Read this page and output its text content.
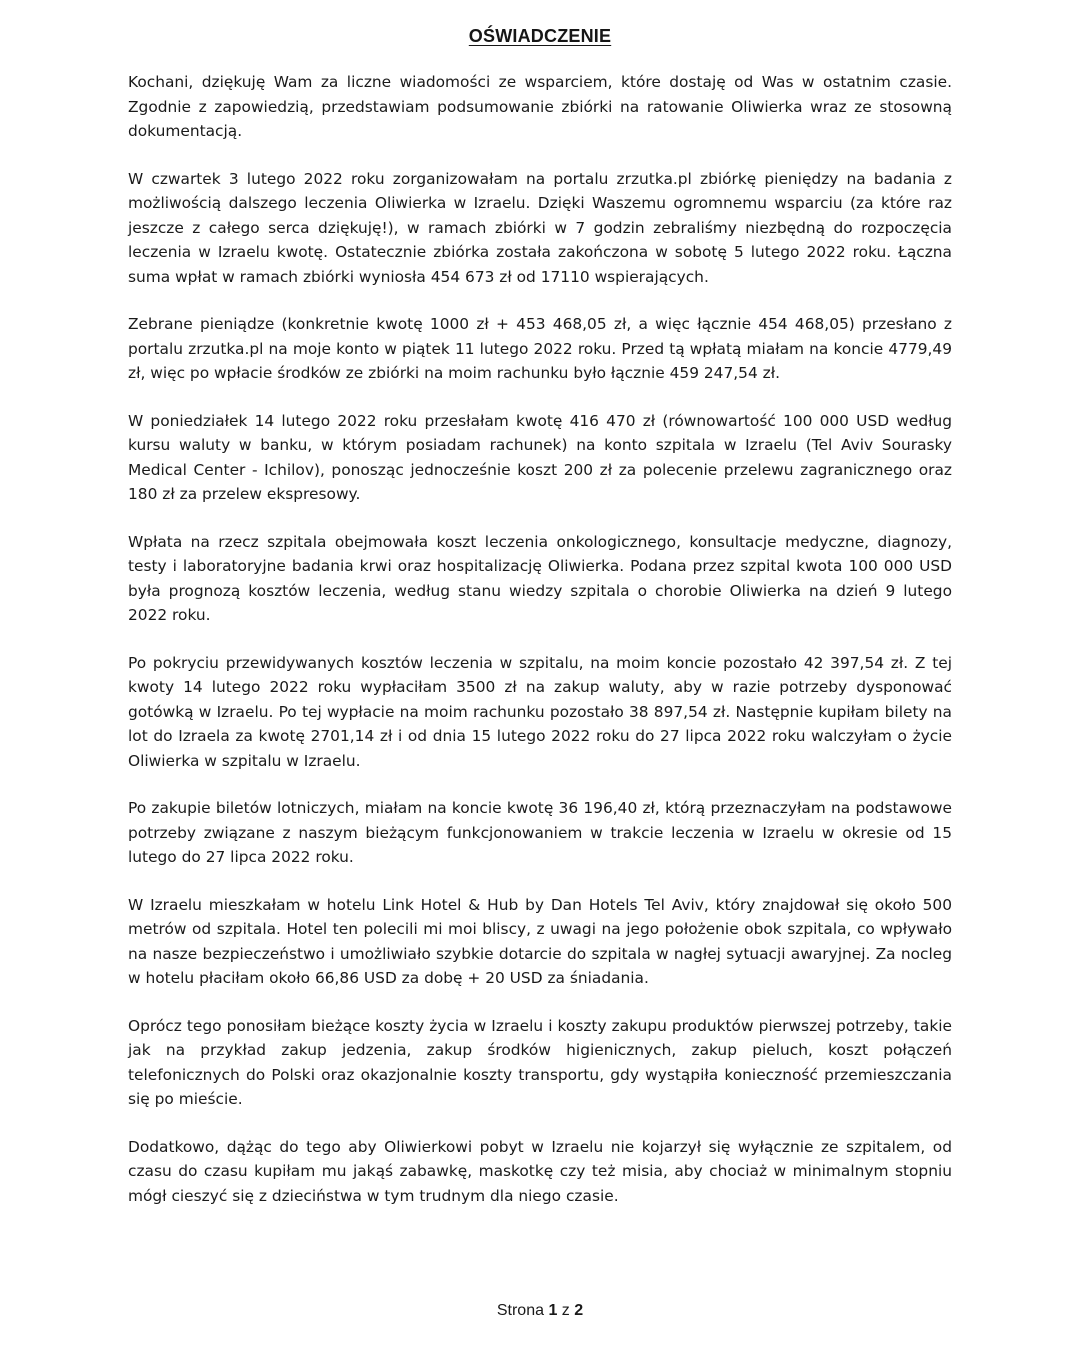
OŚWIADCZENIE

Kochani, dziękuję Wam za liczne wiadomości ze wsparciem, które dostaję od Was w ostatnim czasie. Zgodnie z zapowiedzią, przedstawiam podsumowanie zbiórki na ratowanie Oliwierka wraz ze stosowną dokumentacją.

W czwartek 3 lutego 2022 roku zorganizowałam na portalu zrzutka.pl zbiórkę pieniędzy na badania z możliwością dalszego leczenia Oliwierka w Izraelu. Dzięki Waszemu ogromnemu wsparciu (za które raz jeszcze z całego serca dziękuję!), w ramach zbiórki w 7 godzin zebraliśmy niezbędną do rozpoczęcia leczenia w Izraelu kwotę. Ostatecznie zbiórka została zakończona w sobotę 5 lutego 2022 roku. Łączna suma wpłat w ramach zbiórki wyniosła 454 673 zł od 17110 wspierających.

Zebrane pieniądze (konkretnie kwotę 1000 zł + 453 468,05 zł, a więc łącznie 454 468,05) przesłano z portalu zrzutka.pl na moje konto w piątek 11 lutego 2022 roku. Przed tą wpłatą miałam na koncie 4779,49 zł, więc po wpłacie środków ze zbiórki na moim rachunku było łącznie 459 247,54 zł.

W poniedziałek 14 lutego 2022 roku przesłałam kwotę 416 470 zł (równowartość 100 000 USD według kursu waluty w banku, w którym posiadam rachunek) na konto szpitala w Izraelu (Tel Aviv Sourasky Medical Center - Ichilov), ponosząc jednocześnie koszt 200 zł za polecenie przelewu zagranicznego oraz 180 zł za przelew ekspresowy.

Wpłata na rzecz szpitala obejmowała koszt leczenia onkologicznego, konsultacje medyczne, diagnozy, testy i laboratoryjne badania krwi oraz hospitalizację Oliwierka. Podana przez szpital kwota 100 000 USD była prognozą kosztów leczenia, według stanu wiedzy szpitala o chorobie Oliwierka na dzień 9 lutego 2022 roku.

Po pokryciu przewidywanych kosztów leczenia w szpitalu, na moim koncie pozostało 42 397,54 zł. Z tej kwoty 14 lutego 2022 roku wypłaciłam 3500 zł na zakup waluty, aby w razie potrzeby dysponować gotówką w Izraelu. Po tej wypłacie na moim rachunku pozostało 38 897,54 zł. Następnie kupiłam bilety na lot do Izraela za kwotę 2701,14 zł i od dnia 15 lutego 2022 roku do 27 lipca 2022 roku walczyłam o życie Oliwierka w szpitalu w Izraelu.

Po zakupie biletów lotniczych, miałam na koncie kwotę 36 196,40 zł, którą przeznaczyłam na podstawowe potrzeby związane z naszym bieżącym funkcjonowaniem w trakcie leczenia w Izraelu w okresie od 15 lutego do 27 lipca 2022 roku.

W Izraelu mieszkałam w hotelu Link Hotel & Hub by Dan Hotels Tel Aviv, który znajdował się około 500 metrów od szpitala. Hotel ten polecili mi moi bliscy, z uwagi na jego położenie obok szpitala, co wpływało na nasze bezpieczeństwo i umożliwiało szybkie dotarcie do szpitala w nagłej sytuacji awaryjnej. Za nocleg w hotelu płaciłam około 66,86 USD za dobę + 20 USD za śniadania.

Oprócz tego ponosiłam bieżące koszty życia w Izraelu i koszty zakupu produktów pierwszej potrzeby, takie jak na przykład zakup jedzenia, zakup środków higienicznych, zakup pieluch, koszt połączeń telefonicznych do Polski oraz okazjonalnie koszty transportu, gdy wystąpiła konieczność przemieszczania się po mieście.

Dodatkowo, dążąc do tego aby Oliwierkowi pobyt w Izraelu nie kojarzył się wyłącznie ze szpitalem, od czasu do czasu kupiłam mu jakąś zabawkę, maskotkę czy też misia, aby chociaż w minimalnym stopniu mógł cieszyć się z dzieciństwa w tym trudnym dla niego czasie.

Strona 1 z 2
